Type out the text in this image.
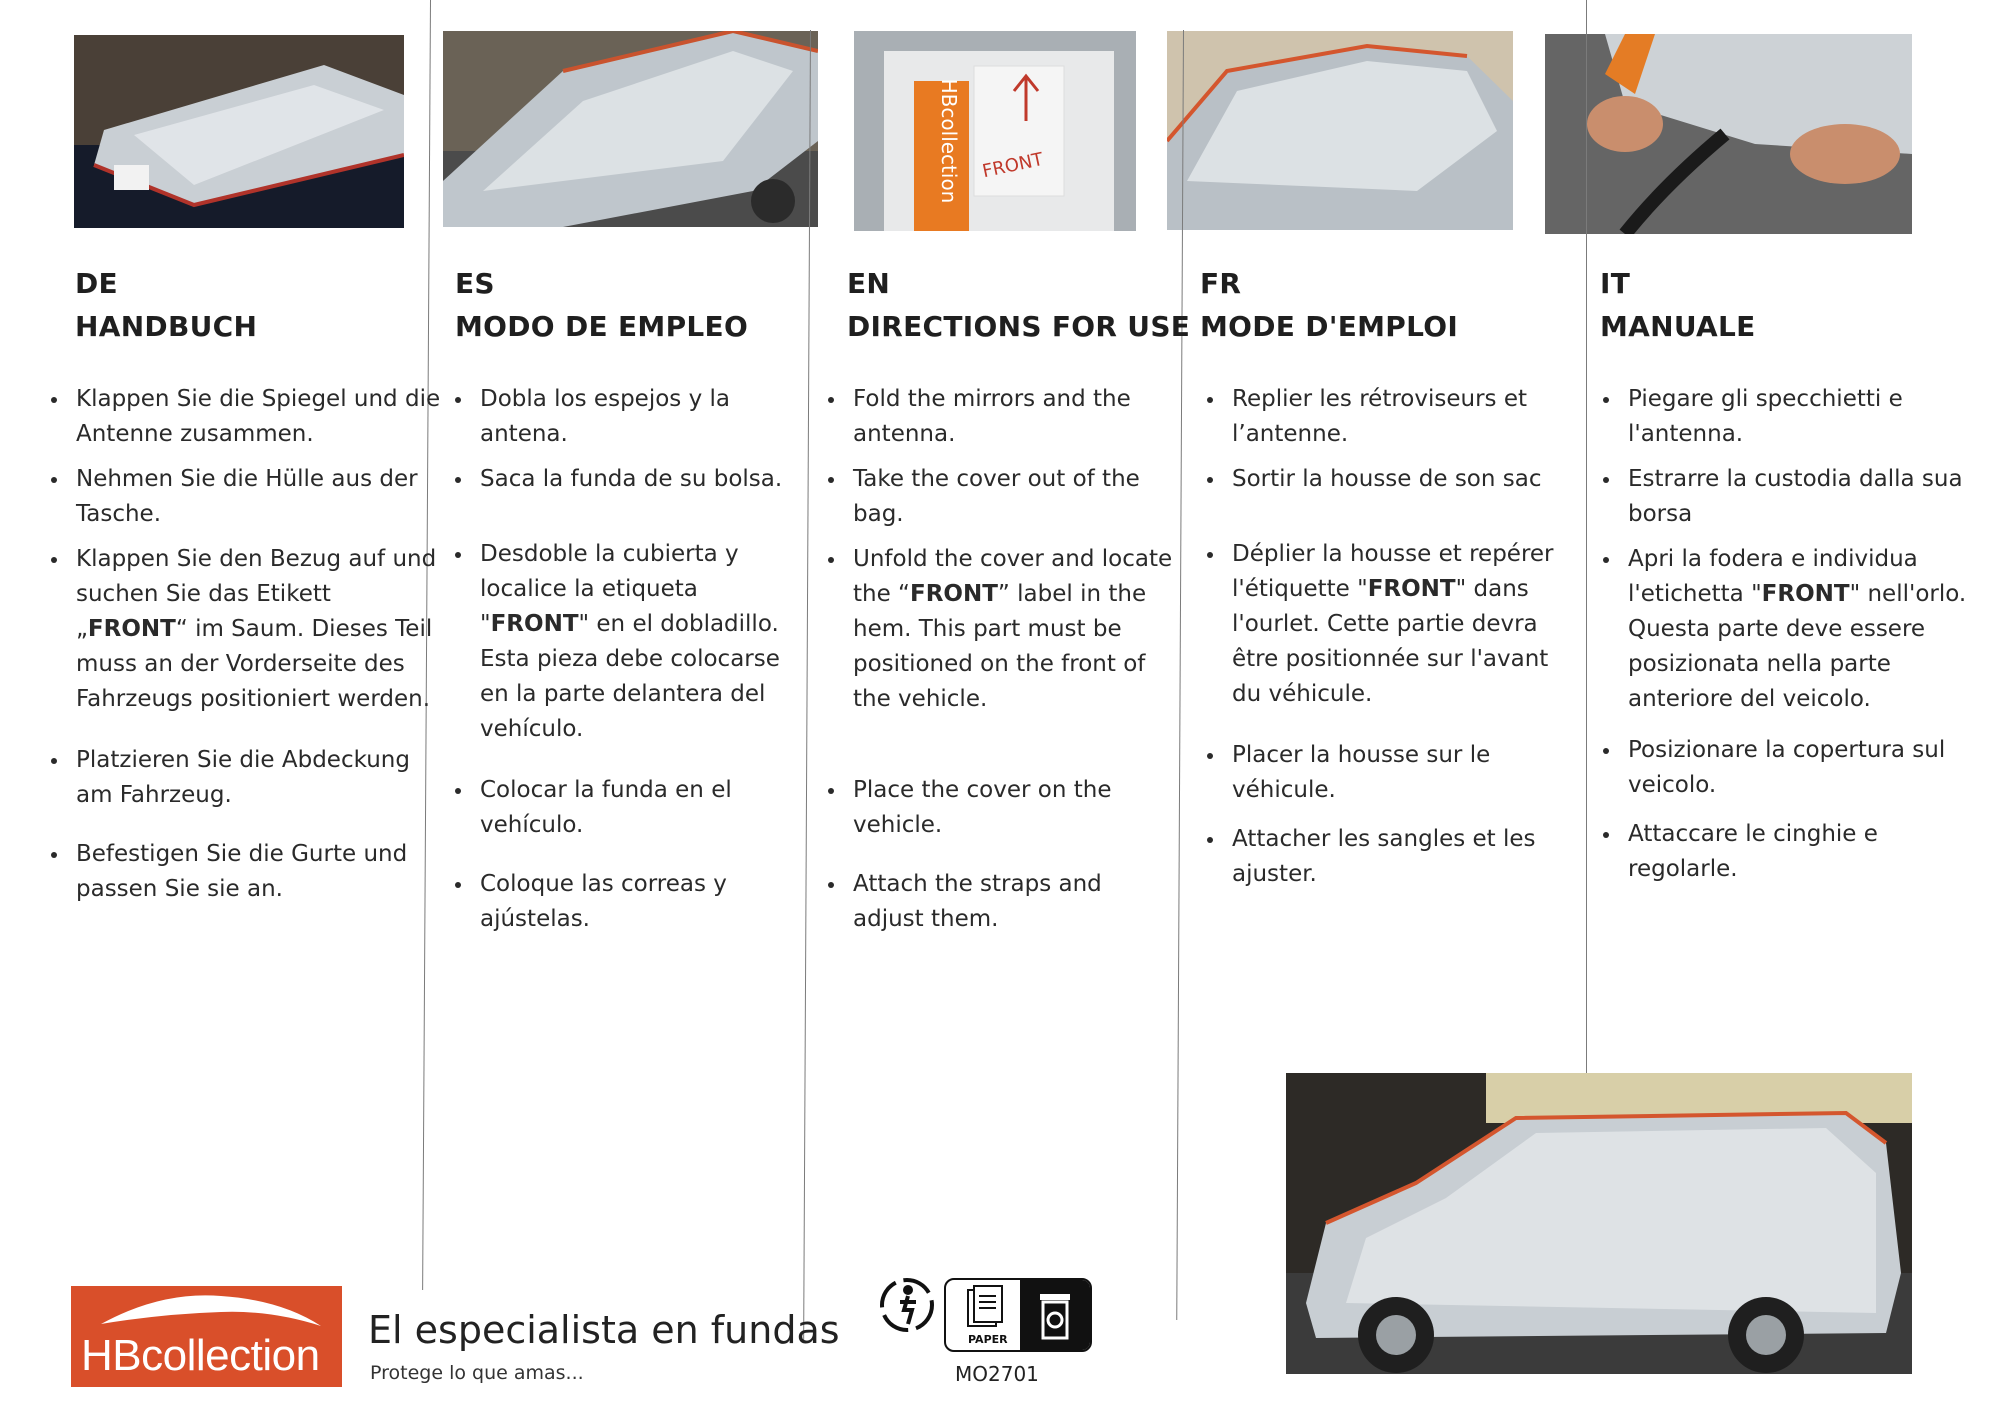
HBcollection FRONT
DE
HANDBUCH
ES
MODO DE EMPLEO
EN
DIRECTIONS FOR USE
FR
MODE D'EMPLOI
IT
MANUALE
Klappen Sie die Spiegel und die Antenne zusammen.
Nehmen Sie die Hülle aus der Tasche.
Klappen Sie den Bezug auf und suchen Sie das Etikett „FRONT“ im Saum. Dieses Teil muss an der Vorderseite des Fahrzeugs positioniert werden.
Platzieren Sie die Abdeckung am Fahrzeug.
Befestigen Sie die Gurte und passen Sie sie an.
Dobla los espejos y la antena.
Saca la funda de su bolsa.
Desdoble la cubierta y localice la etiqueta "FRONT" en el dobladillo. Esta pieza debe colocarse en la parte delantera del vehículo.
Colocar la funda en el vehículo.
Coloque las correas y ajústelas.
Fold the mirrors and the antenna.
Take the cover out of the bag.
Unfold the cover and locate the “FRONT” label in the hem. This part must be positioned on the front of the vehicle.
Place the cover on the vehicle.
Attach the straps and adjust them.
Replier les rétroviseurs et l’antenne.
Sortir la housse de son sac
Déplier la housse et repérer l'étiquette "FRONT" dans l'ourlet. Cette partie devra être positionnée sur l'avant du véhicule.
Placer la housse sur le véhicule.
Attacher les sangles et les ajuster.
Piegare gli specchietti e l'antenna.
Estrarre la custodia dalla sua borsa
Apri la fodera e individua l'etichetta "FRONT" nell'orlo. Questa parte deve essere posizionata nella parte anteriore del veicolo.
Posizionare la copertura sul veicolo.
Attaccare le cinghie e regolarle.
HBcollection
El especialista en fundas
Protege lo que amas...
PAPER
MO2701
